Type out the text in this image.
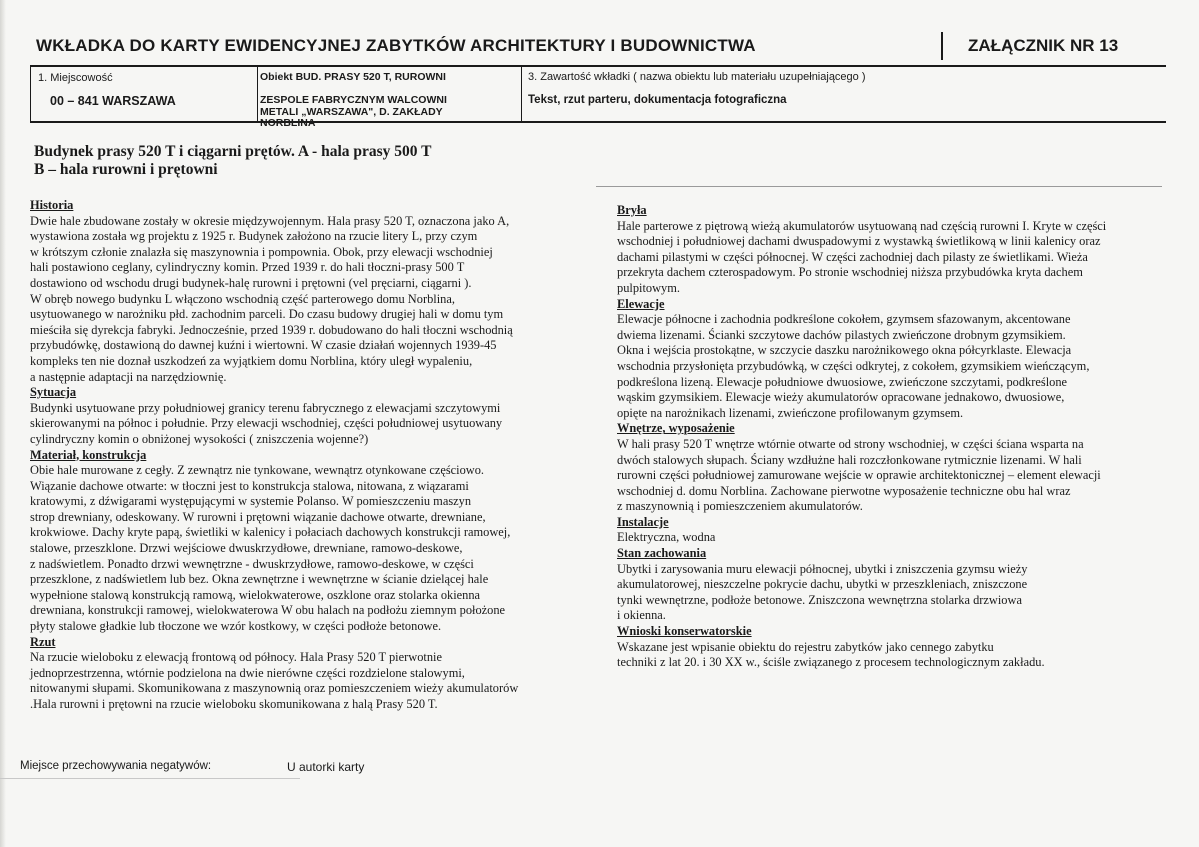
WKŁADKA DO KARTY EWIDENCYJNEJ ZABYTKÓW ARCHITEKTURY I BUDOWNICTWA	ZAŁĄCZNIK NR 13
1. Miejscowość
00 – 841 WARSZAWA
Obiekt BUD. PRASY 520 T, RUROWNI
ZESPOLE FABRYCZNYM WALCOWNI
METALI „WARSZAWA", D. ZAKŁADY
NORBLINA
3. Zawartość wkładki ( nazwa obiektu lub materiału uzupełniającego )
Tekst, rzut parteru, dokumentacja fotograficzna
Budynek prasy 520 T i ciągarni prętów. A - hala prasy 500 T
B – hala rurowni i prętowni
Historia
Dwie hale zbudowane zostały w okresie międzywojennym. Hala prasy 520 T, oznaczona jako A,
wystawiona została wg projektu z 1925 r. Budynek założono na rzucie litery L, przy czym
w krótszym członie znalazła się maszynownia i pompownia. Obok, przy elewacji wschodniej
hali postawiono ceglany, cylindryczny komin. Przed 1939 r. do hali tłoczni-prasy 500 T
dostawiono od wschodu drugi budynek-halę rurowni i prętowni (vel pręciarni, ciągarni ).
W obręb nowego budynku L włączono wschodnią część parterowego domu Norblina,
usytuowanego w narożniku płd. zachodnim parceli. Do czasu budowy drugiej hali w domu tym
mieściła się dyrekcja fabryki. Jednocześnie, przed 1939 r. dobudowano do hali tłoczni wschodnią
przybudówkę, dostawioną do dawnej kuźni i wiertowni. W czasie działań wojennych 1939-45
kompleks ten nie doznał uszkodzeń za wyjątkiem domu Norblina, który uległ wypaleniu,
a następnie adaptacji na narzędziownię.
Sytuacja
Budynki usytuowane przy południowej granicy terenu fabrycznego z elewacjami szczytowymi
skierowanymi na północ i południe. Przy elewacji wschodniej, części południowej usytuowany
cylindryczny komin o obniżonej wysokości ( zniszczenia wojenne?)
Materiał, konstrukcja
Obie hale murowane z cegły. Z zewnątrz nie tynkowane, wewnątrz otynkowane częściowo.
Wiązanie dachowe otwarte: w tłoczni jest to konstrukcja stalowa, nitowana, z wiązarami
kratowymi, z dźwigarami występującymi w systemie Polanso. W pomieszczeniu maszyn
strop drewniany, odeskowany. W rurowni i prętowni wiązanie dachowe otwarte, drewniane,
krokwiowe. Dachy kryte papą, świetliki w kalenicy i połaciach dachowych konstrukcji ramowej,
stalowe, przeszklone. Drzwi wejściowe dwuskrzydłowe, drewniane, ramowo-deskowe,
z nadświetlem. Ponadto drzwi wewnętrzne - dwuskrzydłowe, ramowo-deskowe, w części
przeszklone, z nadświetlem lub bez. Okna zewnętrzne i wewnętrzne w ścianie dzielącej hale
wypełnione stalową konstrukcją ramową, wielokwaterowe, oszklone oraz stolarka okienna
drewniana, konstrukcji ramowej, wielokwaterowa W obu halach na podłożu ziemnym położone
płyty stalowe gładkie lub tłoczone we wzór kostkowy, w części podłoże betonowe.
Rzut
Na rzucie wieloboku z elewacją frontową od północy. Hala Prasy 520 T pierwotnie
jednoprzestrzenna, wtórnie podzielona na dwie nierówne części rozdzielone stalowymi,
nitowanymi słupami. Skomunikowana z maszynownią oraz pomieszczeniem wieży akumulatorów
.Hala rurowni i prętowni na rzucie wieloboku skomunikowana z halą Prasy 520 T.
Bryła
Hale parterowe z piętrową wieżą akumulatorów usytuowaną nad częścią rurowni I. Kryte w części
wschodniej i południowej dachami dwuspadowymi z wystawką świetlikową w linii kalenicy oraz
dachami pilastymi w części północnej. W części zachodniej dach pilasty ze świetlikami. Wieża
przekryta dachem czterospadowym. Po stronie wschodniej niższa przybudówka kryta dachem
pulpitowym.
Elewacje
Elewacje północne i zachodnia podkreślone cokołem, gzymsem sfazowanym, akcentowane
dwiema lizenami. Ścianki szczytowe dachów pilastych zwieńczone drobnym gzymsikiem.
Okna i wejścia prostokątne, w szczycie daszku narożnikowego okna półcyrklaste. Elewacja
wschodnia przysłonięta przybudówką, w części odkrytej, z cokołem, gzymsikiem wieńczącym,
podkreślona lizeną. Elewacje południowe dwuosiowe, zwieńczone szczytami, podkreślone
wąskim gzymsikiem. Elewacje wieży akumulatorów opracowane jednakowo, dwuosiowe,
opięte na narożnikach lizenami, zwieńczone profilowanym gzymsem.
Wnętrze, wyposażenie
W hali prasy 520 T wnętrze wtórnie otwarte od strony wschodniej, w części ściana wsparta na
dwóch stalowych słupach. Ściany wzdłużne hali rozczłonkowane rytmicznie lizenami. W hali
rurowni części południowej zamurowane wejście w oprawie architektonicznej – element elewacji
wschodniej d. domu Norblina. Zachowane pierwotne wyposażenie techniczne obu hal wraz
z maszynownią i pomieszczeniem akumulatorów.
Instalacje
Elektryczna, wodna
Stan zachowania
Ubytki i zarysowania muru elewacji północnej, ubytki i zniszczenia gzymsu wieży
akumulatorowej, nieszczelne pokrycie dachu, ubytki w przeszkleniach, zniszczone
tynki wewnętrzne, podłoże betonowe. Zniszczona wewnętrzna stolarka drzwiowa
i okienna.
Wnioski konserwatorskie
Wskazane jest wpisanie obiektu do rejestru zabytków jako cennego zabytku
techniki z lat 20. i 30 XX w., ściśle związanego z procesem technologicznym zakładu.
Miejsce przechowywania negatywów:	U autorki karty
